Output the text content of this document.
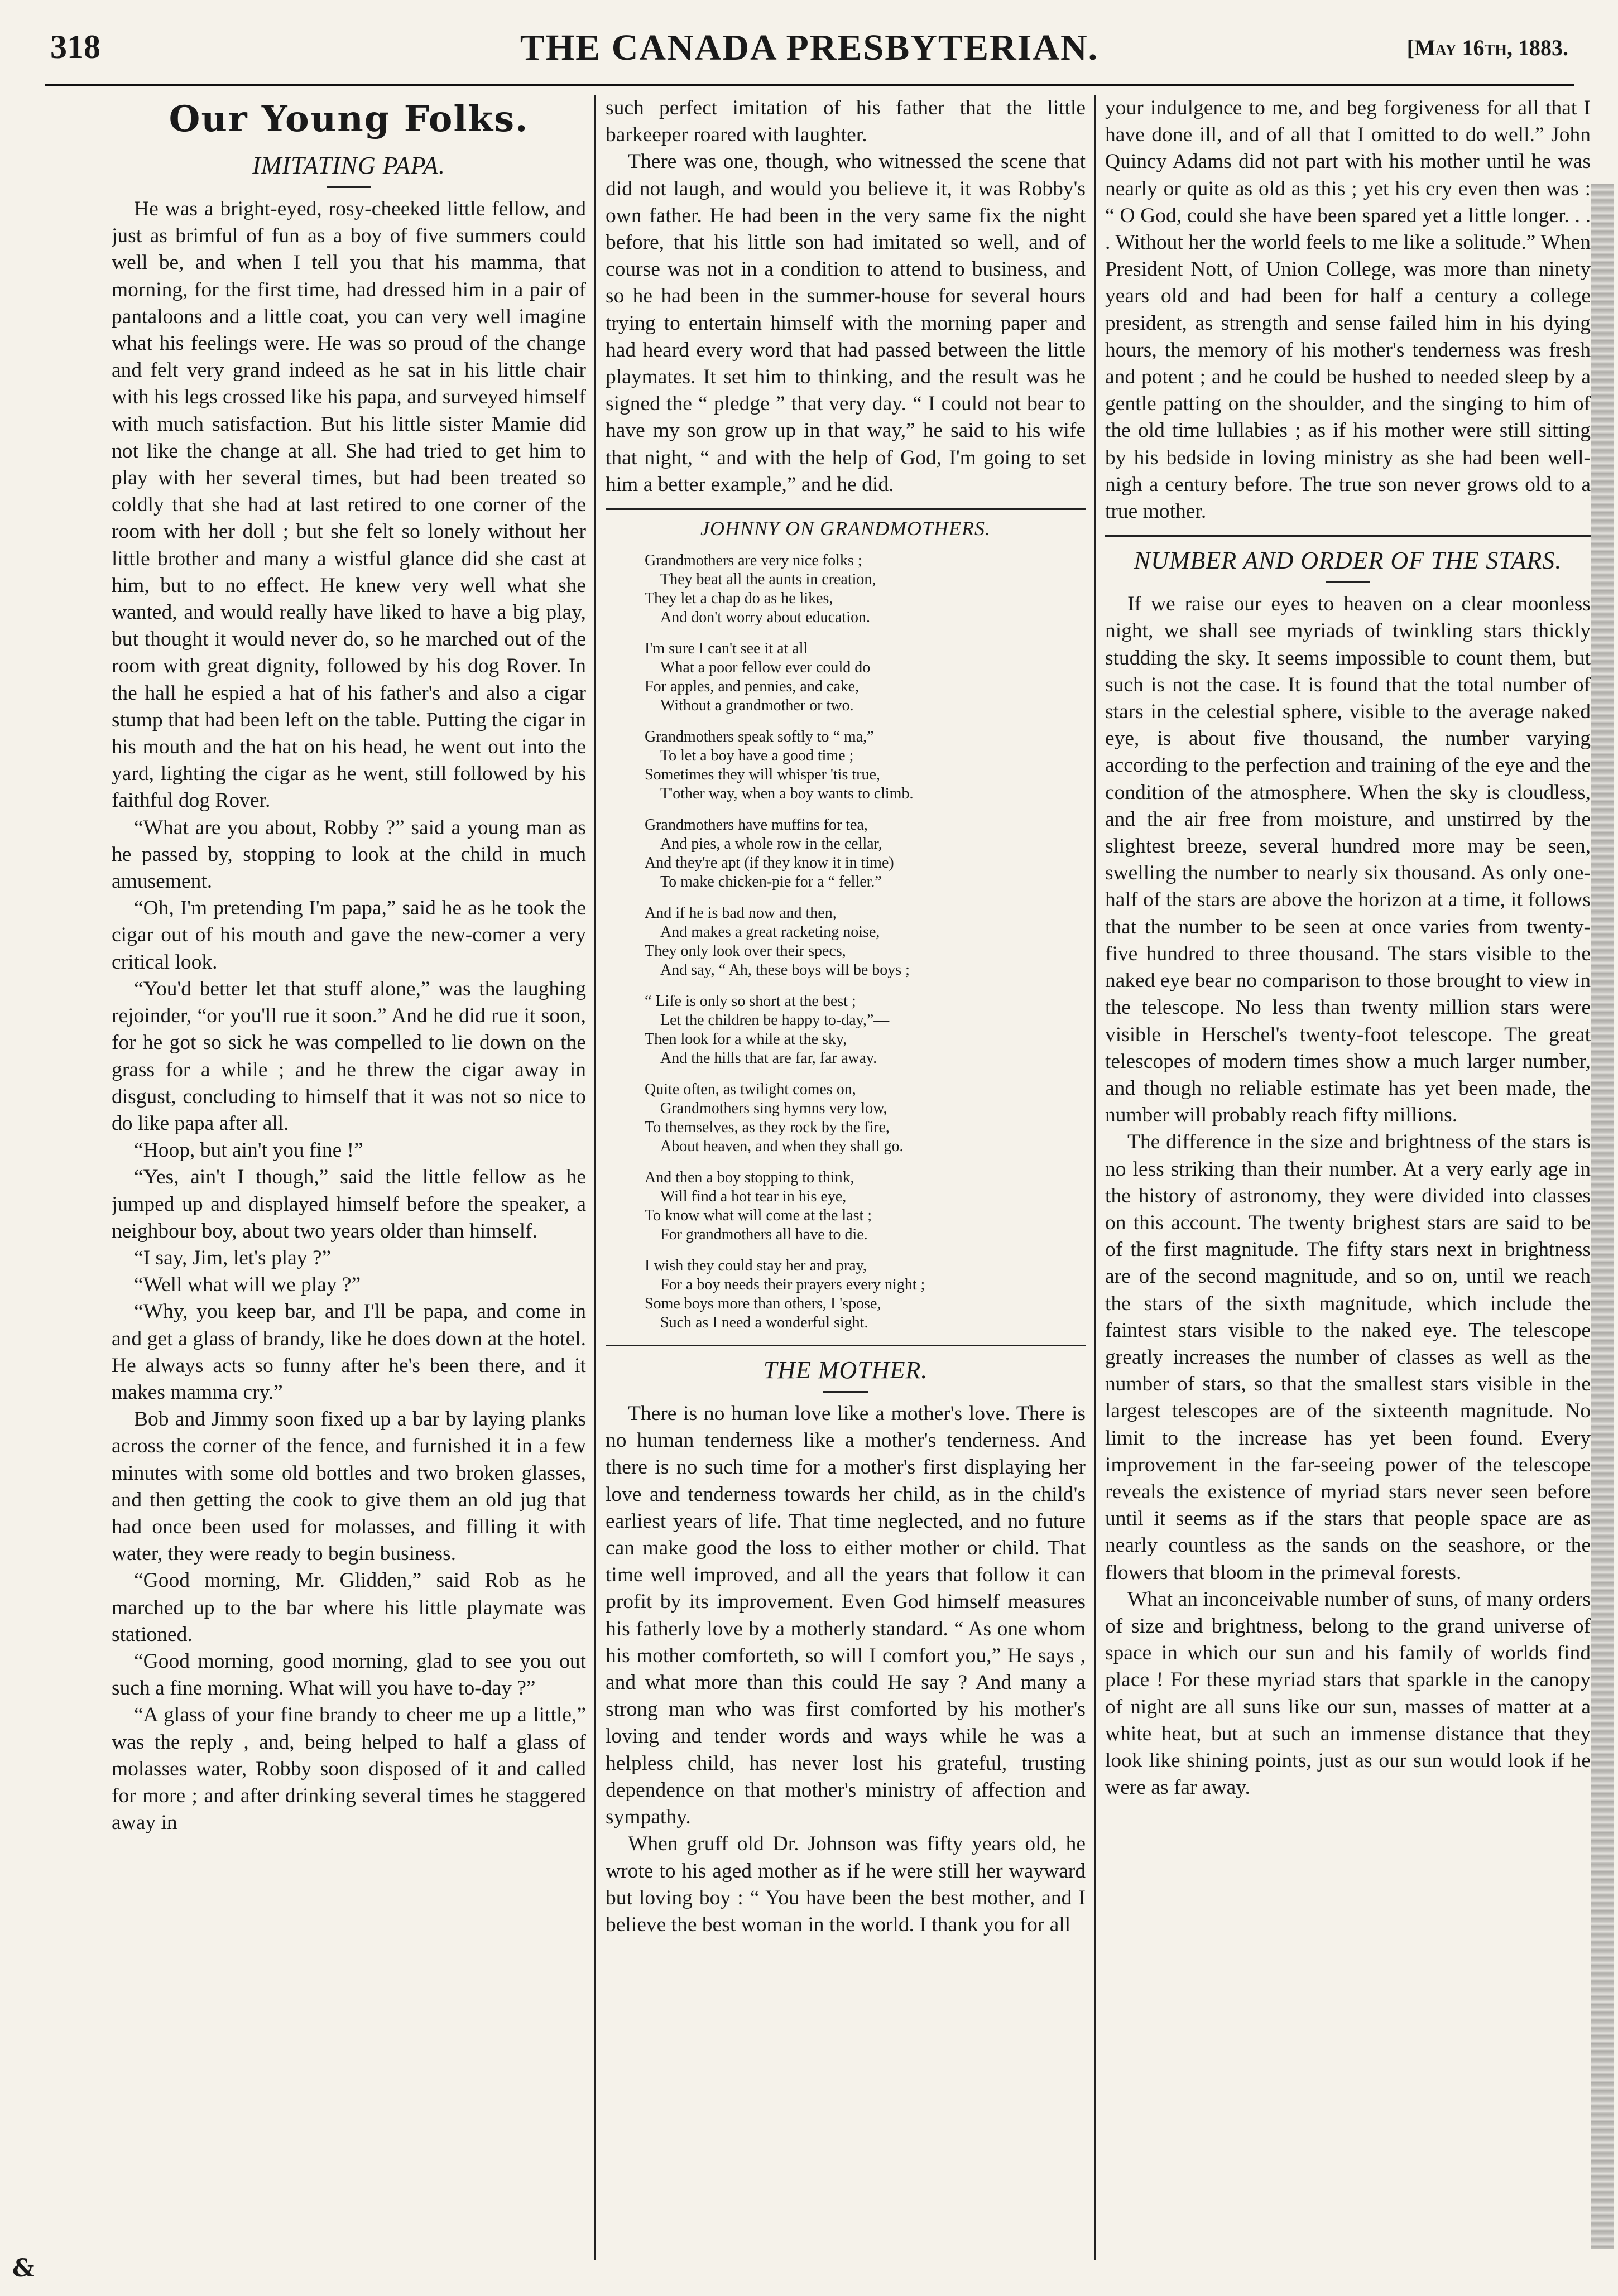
318	THE CANADA PRESBYTERIAN.	[May 16th, 1883.
Our Young Folks.
IMITATING PAPA.

He was a bright-eyed, rosy-cheeked little fellow, and just as brimful of fun as a boy of five summers could well be, and when I tell you that his mamma, that morning, for the first time, had dressed him in a pair of pantaloons and a little coat, you can very well imagine what his feelings were. He was so proud of the change and felt very grand indeed as he sat in his little chair with his legs crossed like his papa, and surveyed himself with much satisfaction. But his little sister Mamie did not like the change at all. She had tried to get him to play with her several times, but had been treated so coldly that she had at last retired to one corner of the room with her doll ; but she felt so lonely without her little brother and many a wistful glance did she cast at him, but to no effect. He knew very well what she wanted, and would really have liked to have a big play, but thought it would never do, so he marched out of the room with great dignity, followed by his dog Rover. In the hall he espied a hat of his father's and also a cigar stump that had been left on the table. Putting the cigar in his mouth and the hat on his head, he went out into the yard, lighting the cigar as he went, still followed by his faithful dog Rover.

“What are you about, Robby ?” said a young man as he passed by, stopping to look at the child in much amusement.

“Oh, I'm pretending I'm papa,” said he as he took the cigar out of his mouth and gave the new-comer a very critical look.

“You'd better let that stuff alone,” was the laughing rejoinder, “or you'll rue it soon.” And he did rue it soon, for he got so sick he was compelled to lie down on the grass for a while ; and he threw the cigar away in disgust, concluding to himself that it was not so nice to do like papa after all.

“Hoop, but ain't you fine !”

“Yes, ain't I though,” said the little fellow as he jumped up and displayed himself before the speaker, a neighbour boy, about two years older than himself.

“I say, Jim, let's play ?”

“Well what will we play ?”

“Why, you keep bar, and I'll be papa, and come in and get a glass of brandy, like he does down at the hotel. He always acts so funny after he's been there, and it makes mamma cry.”

Bob and Jimmy soon fixed up a bar by laying planks across the corner of the fence, and furnished it in a few minutes with some old bottles and two broken glasses, and then getting the cook to give them an old jug that had once been used for molasses, and filling it with water, they were ready to begin business.

“Good morning, Mr. Glidden,” said Rob as he marched up to the bar where his little playmate was stationed.

“Good morning, good morning, glad to see you out such a fine morning. What will you have to-day ?”

“A glass of your fine brandy to cheer me up a little,” was the reply , and, being helped to half a glass of molasses water, Robby soon disposed of it and called for more ; and after drinking several times he staggered away in

such perfect imitation of his father that the little barkeeper roared with laughter.

There was one, though, who witnessed the scene that did not laugh, and would you believe it, it was Robby's own father. He had been in the very same fix the night before, that his little son had imitated so well, and of course was not in a condition to attend to business, and so he had been in the summer-house for several hours trying to entertain himself with the morning paper and had heard every word that had passed between the little playmates. It set him to thinking, and the result was he signed the “ pledge ” that very day. “ I could not bear to have my son grow up in that way,” he said to his wife that night, “ and with the help of God, I'm going to set him a better example,” and he did.

JOHNNY ON GRANDMOTHERS.
Grandmothers are very nice folks ;
They beat all the aunts in creation,
They let a chap do as he likes,
And don't worry about education.
I'm sure I can't see it at all
What a poor fellow ever could do
For apples, and pennies, and cake,
Without a grandmother or two.
Grandmothers speak softly to “ ma,”
To let a boy have a good time ;
Sometimes they will whisper 'tis true,
T'other way, when a boy wants to climb.
Grandmothers have muffins for tea,
And pies, a whole row in the cellar,
And they're apt (if they know it in time)
To make chicken-pie for a “ feller.”
And if he is bad now and then,
And makes a great racketing noise,
They only look over their specs,
And say, “ Ah, these boys will be boys ;
“ Life is only so short at the best ;
Let the children be happy to-day,”—
Then look for a while at the sky,
And the hills that are far, far away.
Quite often, as twilight comes on,
Grandmothers sing hymns very low,
To themselves, as they rock by the fire,
About heaven, and when they shall go.
And then a boy stopping to think,
Will find a hot tear in his eye,
To know what will come at the last ;
For grandmothers all have to die.
I wish they could stay her and pray,
For a boy needs their prayers every night ;
Some boys more than others, I 'spose,
Such as I need a wonderful sight.
THE MOTHER.

There is no human love like a mother's love. There is no human tenderness like a mother's tenderness. And there is no such time for a mother's first displaying her love and tenderness towards her child, as in the child's earliest years of life. That time neglected, and no future can make good the loss to either mother or child. That time well improved, and all the years that follow it can profit by its improvement. Even God himself measures his fatherly love by a motherly standard. “ As one whom his mother comforteth, so will I comfort you,” He says , and what more than this could He say ? And many a strong man who was first comforted by his mother's loving and tender words and ways while he was a helpless child, has never lost his grateful, trusting dependence on that mother's ministry of affection and sympathy.

When gruff old Dr. Johnson was fifty years old, he wrote to his aged mother as if he were still her wayward but loving boy : “ You have been the best mother, and I believe the best woman in the world. I thank you for all

your indulgence to me, and beg forgiveness for all that I have done ill, and of all that I omitted to do well.” John Quincy Adams did not part with his mother until he was nearly or quite as old as this ; yet his cry even then was : “ O God, could she have been spared yet a little longer. . . . Without her the world feels to me like a solitude.” When President Nott, of Union College, was more than ninety years old and had been for half a century a college president, as strength and sense failed him in his dying hours, the memory of his mother's tenderness was fresh and potent ; and he could be hushed to needed sleep by a gentle patting on the shoulder, and the singing to him of the old time lullabies ; as if his mother were still sitting by his bedside in loving ministry as she had been well-nigh a century before. The true son never grows old to a true mother.

NUMBER AND ORDER OF THE STARS.

If we raise our eyes to heaven on a clear moonless night, we shall see myriads of twinkling stars thickly studding the sky. It seems impossible to count them, but such is not the case. It is found that the total number of stars in the celestial sphere, visible to the average naked eye, is about five thousand, the number varying according to the perfection and training of the eye and the condition of the atmosphere. When the sky is cloudless, and the air free from moisture, and unstirred by the slightest breeze, several hundred more may be seen, swelling the number to nearly six thousand. As only one-half of the stars are above the horizon at a time, it follows that the number to be seen at once varies from twenty-five hundred to three thousand. The stars visible to the naked eye bear no comparison to those brought to view in the telescope. No less than twenty million stars were visible in Herschel's twenty-foot telescope. The great telescopes of modern times show a much larger number, and though no reliable estimate has yet been made, the number will probably reach fifty millions.

The difference in the size and brightness of the stars is no less striking than their number. At a very early age in the history of astronomy, they were divided into classes on this account. The twenty brighest stars are said to be of the first magnitude. The fifty stars next in brightness are of the second magnitude, and so on, until we reach the stars of the sixth magnitude, which include the faintest stars visible to the naked eye. The telescope greatly increases the number of classes as well as the number of stars, so that the smallest stars visible in the largest telescopes are of the sixteenth magnitude. No limit to the increase has yet been found. Every improvement in the far-seeing power of the telescope reveals the existence of myriad stars never seen before until it seems as if the stars that people space are as nearly countless as the sands on the seashore, or the flowers that bloom in the primeval forests.

What an inconceivable number of suns, of many orders of size and brightness, belong to the grand universe of space in which our sun and his family of worlds find place ! For these myriad stars that sparkle in the canopy of night are all suns like our sun, masses of matter at a white heat, but at such an immense distance that they look like shining points, just as our sun would look if he were as far away.

&
